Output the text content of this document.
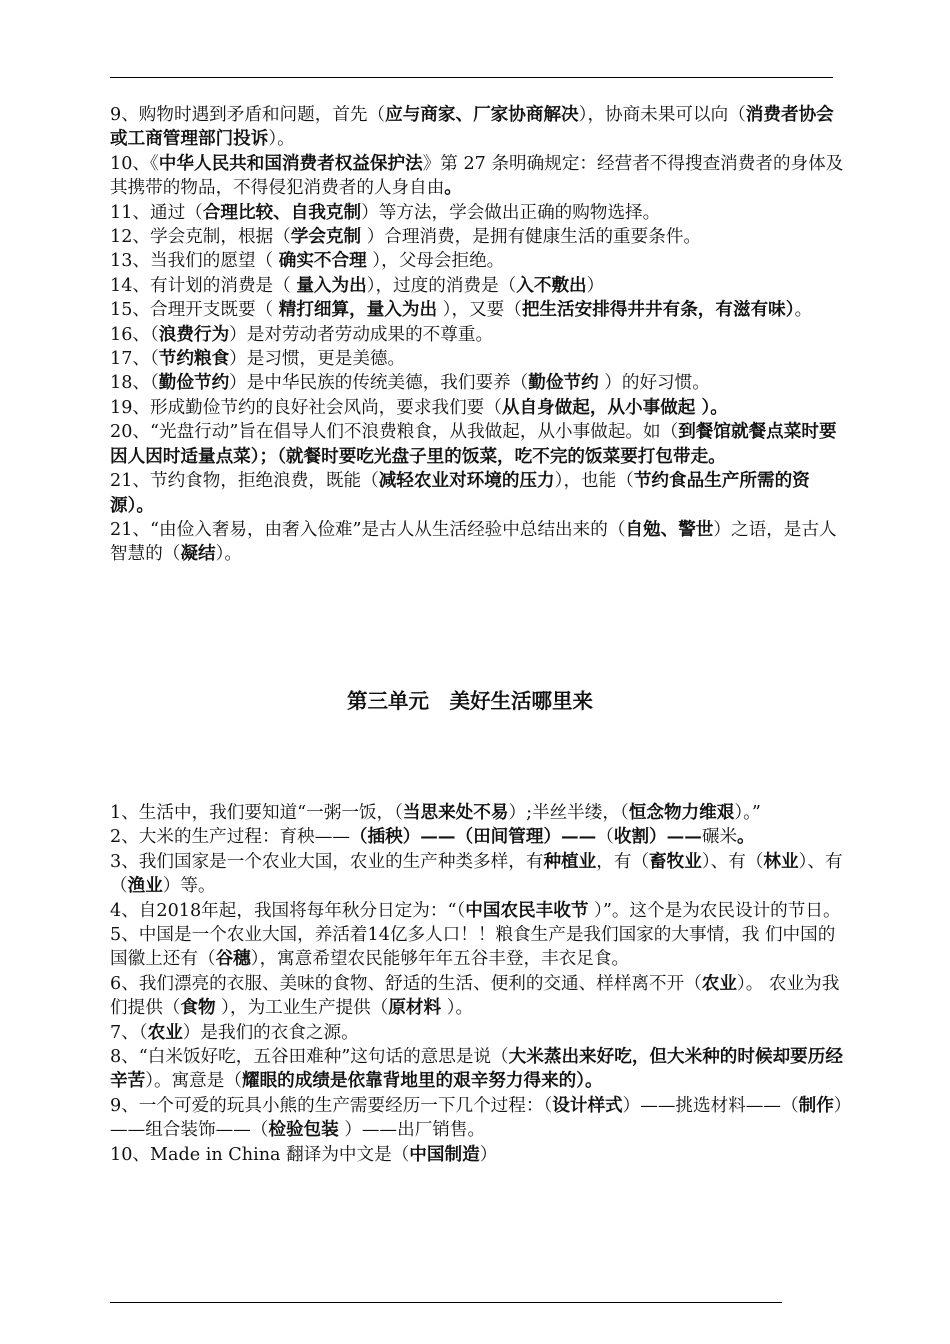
9、购物时遇到矛盾和问题，首先（应与商家、厂家协商解决），协商未果可以向（消费者协会或工商管理部门投诉）。

10、《中华人民共和国消费者权益保护法》第 27 条明确规定：经营者不得搜查消费者的身体及其携带的物品，不得侵犯消费者的人身自由。

11、通过（合理比较、自我克制）等方法，学会做出正确的购物选择。

12、学会克制，根据（学会克制 ）合理消费，是拥有健康生活的重要条件。

13、当我们的愿望（ 确实不合理 ），父母会拒绝。

14、有计划的消费是（ 量入为出），过度的消费是（入不敷出）

15、合理开支既要（ 精打细算，量入为出 ），又要（把生活安排得井井有条，有滋有味）。

16、（浪费行为）是对劳动者劳动成果的不尊重。

17、（节约粮食）是习惯，更是美德。

18、（勤俭节约）是中华民族的传统美德，我们要养（勤俭节约 ）的好习惯。

19、形成勤俭节约的良好社会风尚，要求我们要（从自身做起，从小事做起 ）。

20、“光盘行动”旨在倡导人们不浪费粮食，从我做起，从小事做起。如（到餐馆就餐点菜时要因人因时适量点菜）；（就餐时要吃光盘子里的饭菜，吃不完的饭菜要打包带走。

21、节约食物，拒绝浪费，既能（减轻农业对环境的压力），也能（节约食品生产所需的资源）。

21、“由俭入奢易，由奢入俭难”是古人从生活经验中总结出来的（自勉、警世）之语，是古人智慧的（凝结）。

第三单元　美好生活哪里来

1、生活中，我们要知道“一粥一饭，（当思来处不易）;半丝半缕，（恒念物力维艰）。”

2、大米的生产过程：育秧——（插秧）——（田间管理）——（收割）——碾米。

3、我们国家是一个农业大国，农业的生产种类多样，有种植业，有（畜牧业）、有（林业）、有（渔业）等。

4、自2018年起，我国将每年秋分日定为：“（中国农民丰收节 ）”。这个是为农民设计的节日。

5、中国是一个农业大国，养活着14亿多人口！！粮食生产是我们国家的大事情，我 们中国的国徽上还有（谷穗），寓意希望农民能够年年五谷丰登，丰衣足食。

6、我们漂亮的衣服、美味的食物、舒适的生活、便利的交通、样样离不开（农业）。 农业为我们提供（食物 ），为工业生产提供（原材料 ）。

7、（农业）是我们的衣食之源。

8、“白米饭好吃，五谷田难种”这句话的意思是说（大米蒸出来好吃，但大米种的时候却要历经辛苦）。寓意是（耀眼的成绩是依靠背地里的艰辛努力得来的）。

9、一个可爱的玩具小熊的生产需要经历一下几个过程：（设计样式）——挑选材料——（制作）——组合装饰——（检验包装 ）——出厂销售。

10、Made in China 翻译为中文是（中国制造）
